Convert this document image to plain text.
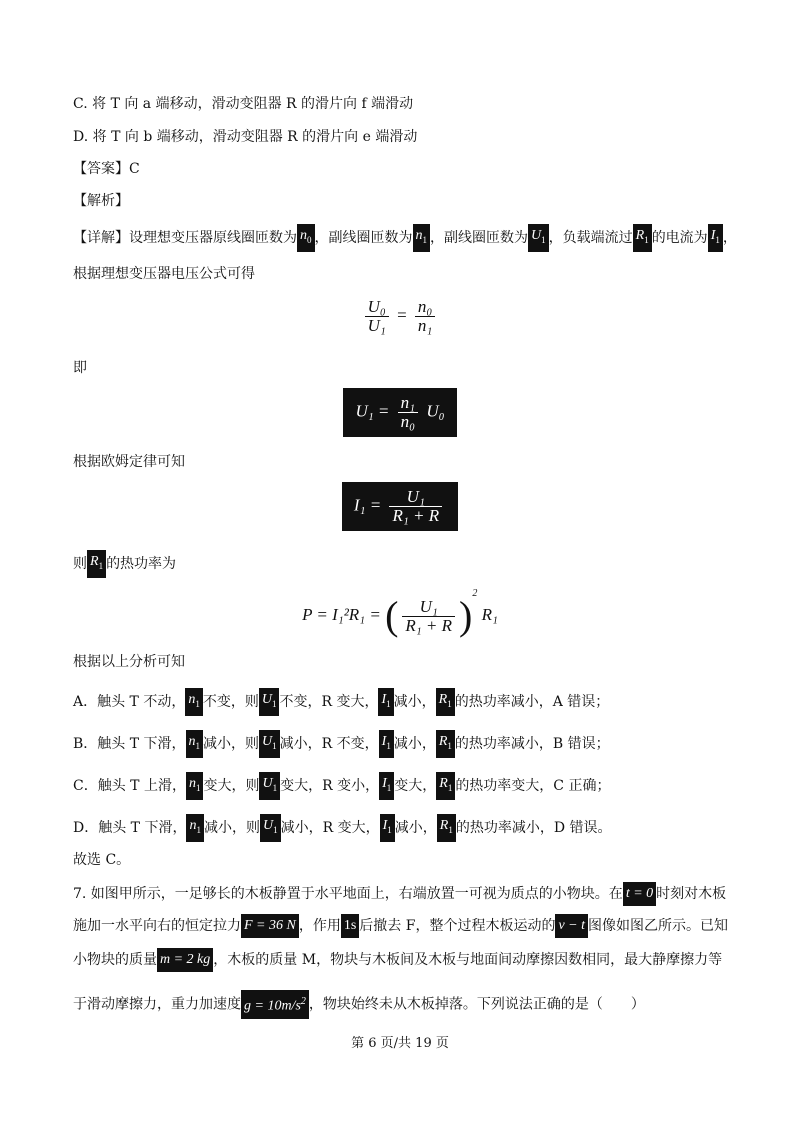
C. 将 T 向 a 端移动，滑动变阻器 R 的滑片向 f 端滑动
D. 将 T 向 b 端移动，滑动变阻器 R 的滑片向 e 端滑动
【答案】C
【解析】
【详解】设理想变压器原线圈匝数为 $n_0$ ，副线圈匝数为 $n_1$ ，副线圈匝数为 $U_1$ ，负载端流过 $R_1$ 的电流为 $I_1$ ，
根据理想变压器电压公式可得
$\frac{\text{U₀}}{\text{U₁}} = \frac{\text{n₀}}{\text{n₁}}$
即
$U_1 = \frac{\text{n₁}}{\text{n₀}} U_0$
根据欧姆定律可知
$I_1 = \frac{\text{U₁}}{\text{R₁ + R}}$
则 $R_1$ 的热功率为
P = I₁²R₁ = ( $\frac{\text{U₁}}{\text{R₁ + R}} )^2$ R₁
根据以上分析可知
A．触头 T 不动， $n_1$ 不变，则 $U_1$ 不变，R 变大， $I_1$ 减小， $R_1$ 的热功率减小，A 错误；
B．触头 T 下滑， $n_1$ 减小，则 $U_1$ 减小，R 不变， $I_1$ 减小， $R_1$ 的热功率减小，B 错误；
C．触头 T 上滑， $n_1$ 变大，则 $U_1$ 变大，R 变小， $I_1$ 变大， $R_1$ 的热功率变大，C 正确；
D．触头 T 下滑， $n_1$ 减小，则 $U_1$ 减小，R 变大， $I_1$ 减小， $R_1$ 的热功率减小，D 错误。
故选 C。
7. 如图甲所示，一足够长的木板静置于水平地面上，右端放置一可视为质点的小物块。在 t = 0 时刻对木板
施加一水平向右的恒定拉力 F = 36 N ，作用 1s 后撤去 F，整个过程木板运动的 v − t 图像如图乙所示。已知
小物块的质量 m = 2 kg ，木板的质量 M，物块与木板间及木板与地面间动摩擦因数相同，最大静摩擦力等
于滑动摩擦力，重力加速度 $g = 10m/s^2$ ，物块始终未从木板掉落。下列说法正确的是（　　）
第 6 页/共 19 页
